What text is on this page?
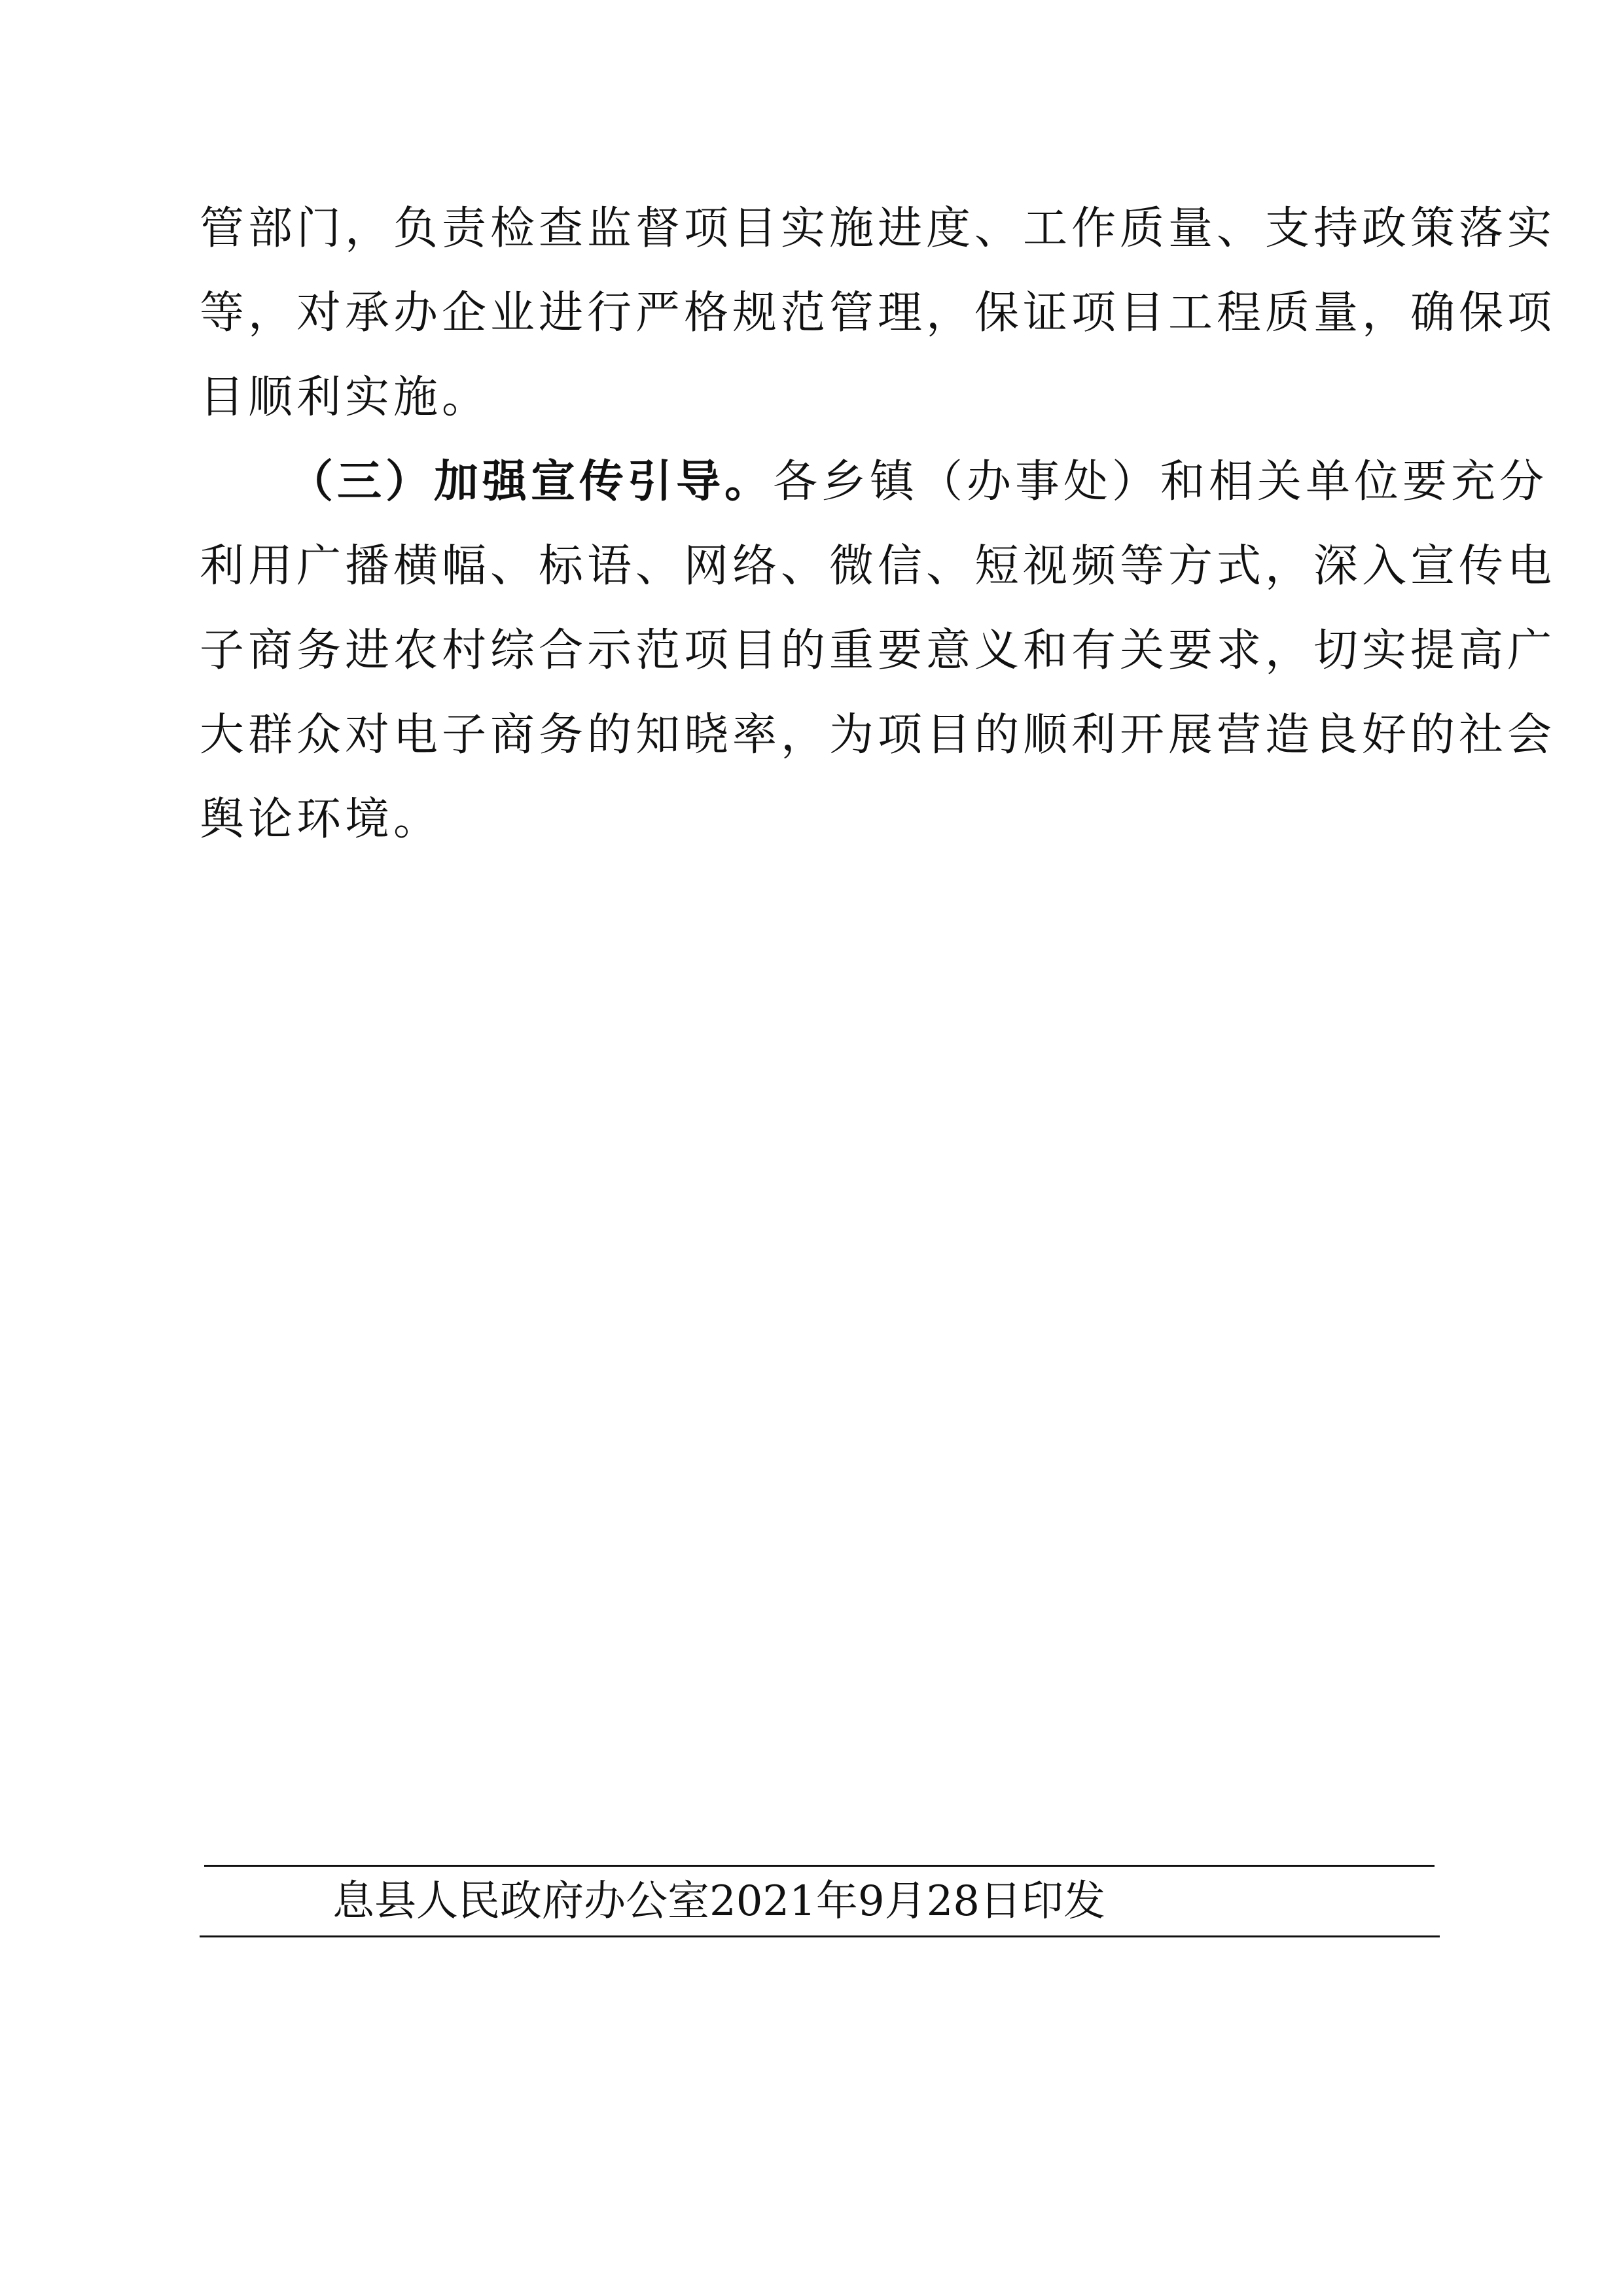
管部门，负责检查监督项目实施进度、工作质量、支持政策落实
等，对承办企业进行严格规范管理，保证项目工程质量，确保项
目顺利实施。
（三）加强宣传引导。各乡镇（办事处）和相关单位要充分
利用广播横幅、标语、网络、微信、短视频等方式，深入宣传电
子商务进农村综合示范项目的重要意义和有关要求，切实提高广
大群众对电子商务的知晓率，为项目的顺利开展营造良好的社会
舆论环境。
息县人民政府办公室2021年9月28日印发
